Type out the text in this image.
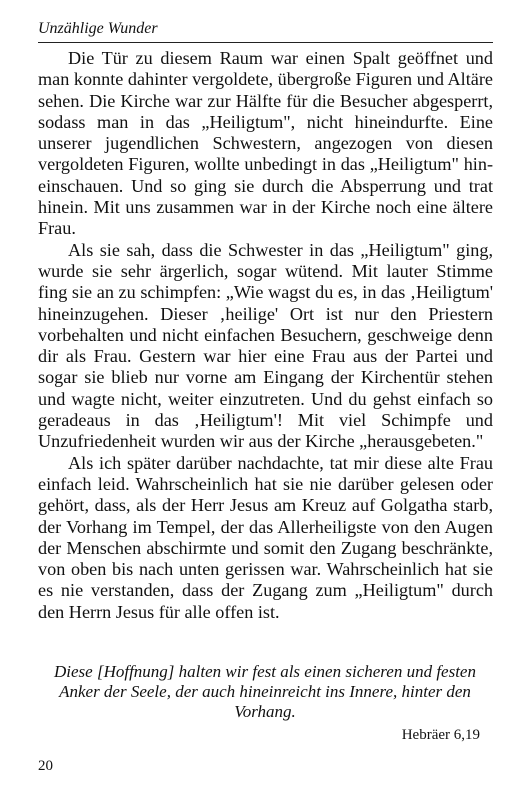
Unzählige Wunder

Die Tür zu diesem Raum war einen Spalt geöffnet und man konnte dahinter vergoldete, übergroße Figuren und Altäre sehen. Die Kirche war zur Hälfte für die Besucher abgesperrt, sodass man in das „Heiligtum", nicht hineindurfte. Eine unserer jugendlichen Schwestern, angezogen von diesen vergoldeten Figuren, wollte unbedingt in das „Heiligtum" hineinschauen. Und so ging sie durch die Absperrung und trat hinein. Mit uns zusammen war in der Kirche noch eine ältere Frau.

Als sie sah, dass die Schwester in das „Heiligtum" ging, wurde sie sehr ärgerlich, sogar wütend. Mit lauter Stimme fing sie an zu schimpfen: „Wie wagst du es, in das ‚Heiligtum' hineinzugehen. Dieser ‚heilige' Ort ist nur den Priestern vorbehalten und nicht einfachen Besuchern, geschweige denn dir als Frau. Gestern war hier eine Frau aus der Partei und sogar sie blieb nur vorne am Eingang der Kirchentür stehen und wagte nicht, weiter einzutreten. Und du gehst einfach so geradeaus in das ‚Heiligtum'! Mit viel Schimpfe und Unzufriedenheit wurden wir aus der Kirche „herausgebeten."

Als ich später darüber nachdachte, tat mir diese alte Frau einfach leid. Wahrscheinlich hat sie nie darüber gelesen oder gehört, dass, als der Herr Jesus am Kreuz auf Golgatha starb, der Vorhang im Tempel, der das Allerheiligste von den Augen der Menschen abschirmte und somit den Zugang beschränkte, von oben bis nach unten gerissen war. Wahrscheinlich hat sie es nie verstanden, dass der Zugang zum „Heiligtum" durch den Herrn Jesus für alle offen ist.

Diese [Hoffnung] halten wir fest als einen sicheren und festen Anker der Seele, der auch hineinreicht ins Innere, hinter den Vorhang.
Hebräer 6,19
20
